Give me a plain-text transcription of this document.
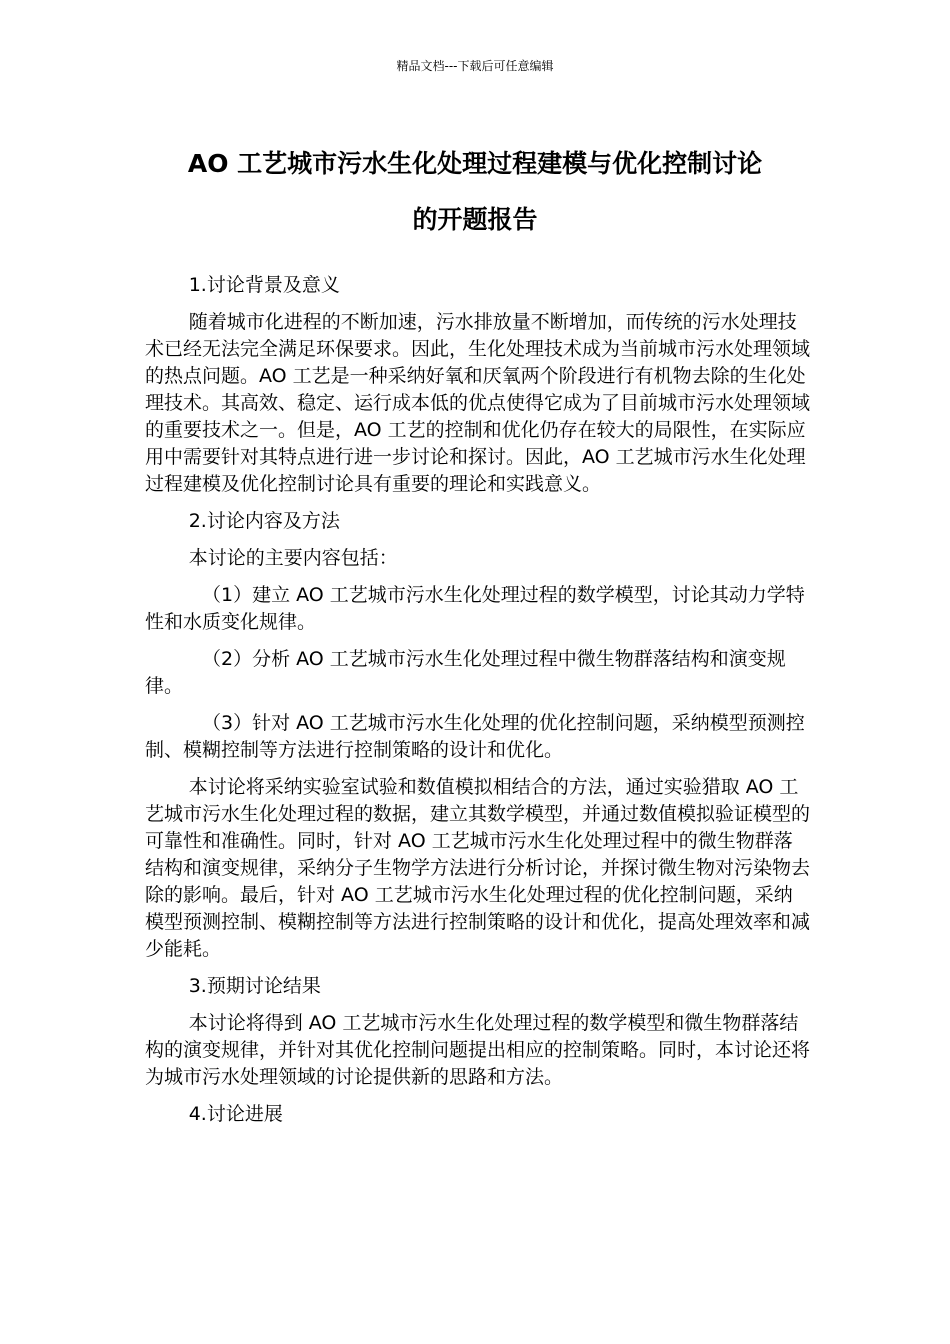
精品文档---下载后可任意编辑
AO 工艺城市污水生化处理过程建模与优化控制讨论
的开题报告

1.讨论背景及意义

随着城市化进程的不断加速，污水排放量不断增加，而传统的污水处理技术已经无法完全满足环保要求。因此，生化处理技术成为当前城市污水处理领域的热点问题。AO 工艺是一种采纳好氧和厌氧两个阶段进行有机物去除的生化处理技术。其高效、稳定、运行成本低的优点使得它成为了目前城市污水处理领域的重要技术之一。但是，AO 工艺的控制和优化仍存在较大的局限性，在实际应用中需要针对其特点进行进一步讨论和探讨。因此，AO 工艺城市污水生化处理过程建模及优化控制讨论具有重要的理论和实践意义。

2.讨论内容及方法

本讨论的主要内容包括：

（1）建立 AO 工艺城市污水生化处理过程的数学模型，讨论其动力学特性和水质变化规律。

（2）分析 AO 工艺城市污水生化处理过程中微生物群落结构和演变规律。

（3）针对 AO 工艺城市污水生化处理的优化控制问题，采纳模型预测控制、模糊控制等方法进行控制策略的设计和优化。

本讨论将采纳实验室试验和数值模拟相结合的方法，通过实验猎取 AO 工艺城市污水生化处理过程的数据，建立其数学模型，并通过数值模拟验证模型的可靠性和准确性。同时，针对 AO 工艺城市污水生化处理过程中的微生物群落结构和演变规律，采纳分子生物学方法进行分析讨论，并探讨微生物对污染物去除的影响。最后，针对 AO 工艺城市污水生化处理过程的优化控制问题，采纳模型预测控制、模糊控制等方法进行控制策略的设计和优化，提高处理效率和减少能耗。

3.预期讨论结果

本讨论将得到 AO 工艺城市污水生化处理过程的数学模型和微生物群落结构的演变规律，并针对其优化控制问题提出相应的控制策略。同时，本讨论还将为城市污水处理领域的讨论提供新的思路和方法。

4.讨论进展
